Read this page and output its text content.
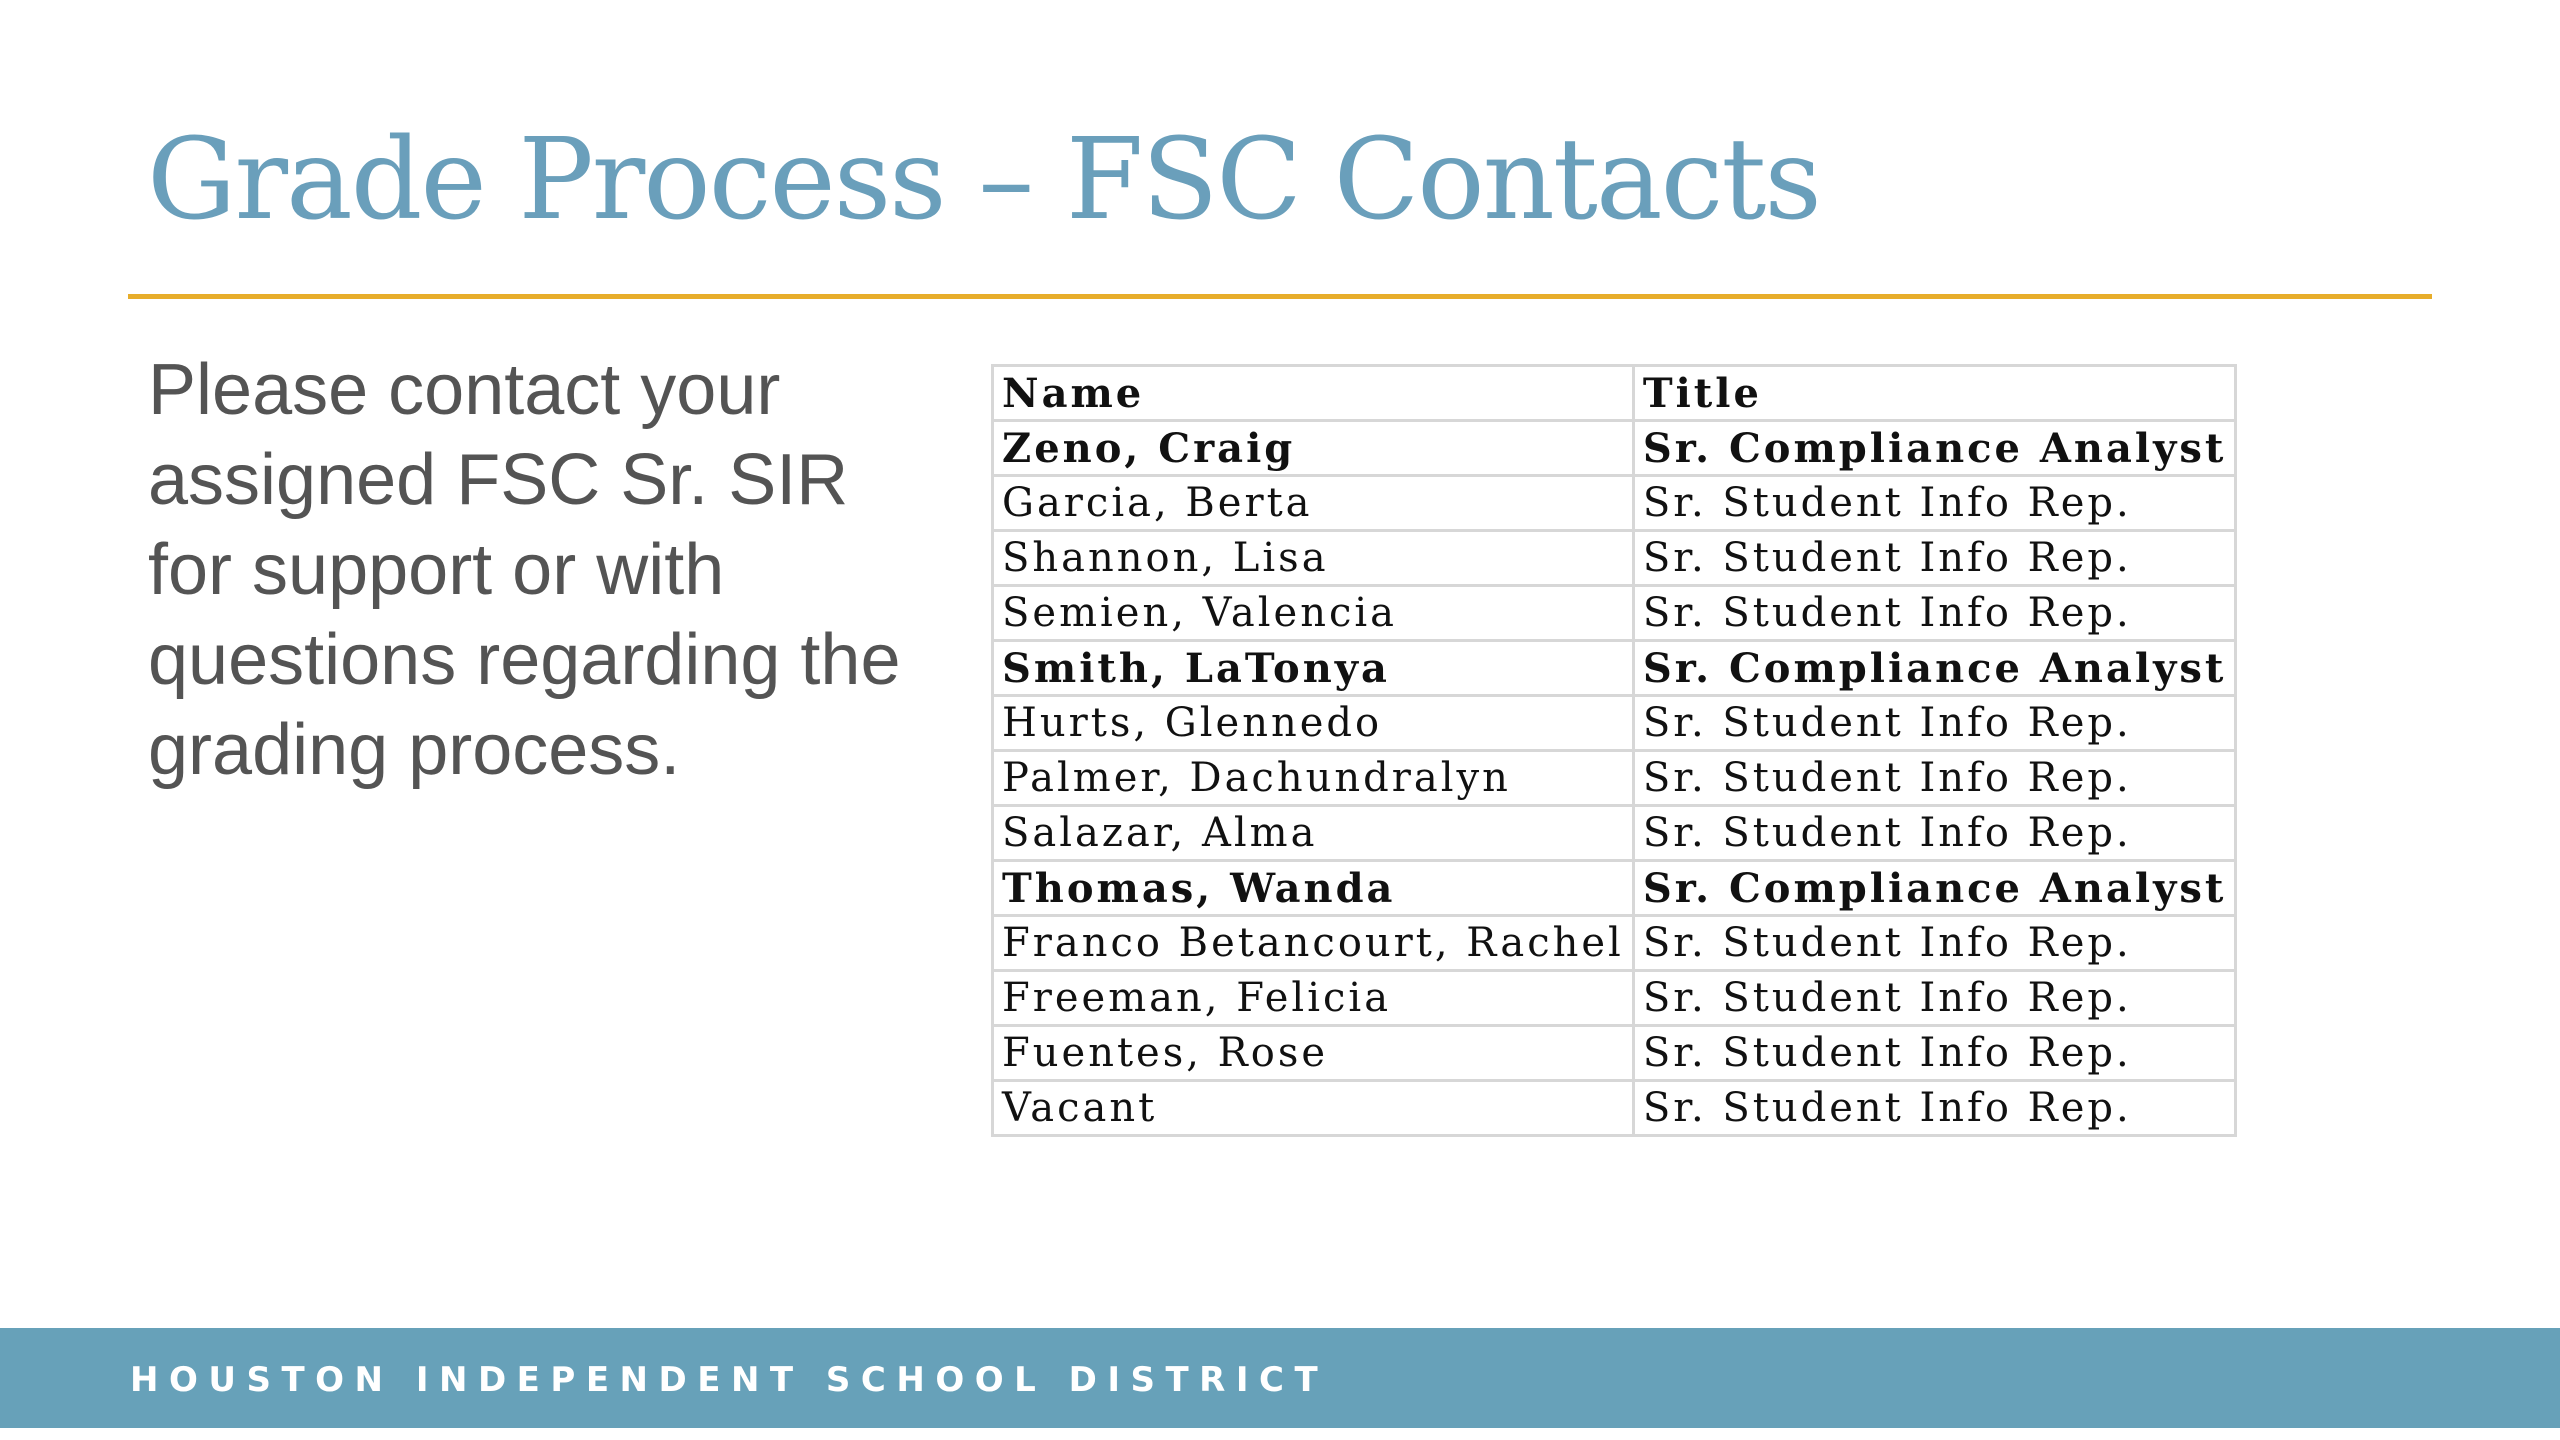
Grade Process – FSC Contacts

Please contact your assigned FSC Sr. SIR for support or with questions regarding the grading process.

Name	Title
Zeno, Craig	Sr. Compliance Analyst
Garcia, Berta	Sr. Student Info Rep.
Shannon, Lisa	Sr. Student Info Rep.
Semien, Valencia	Sr. Student Info Rep.
Smith, LaTonya	Sr. Compliance Analyst
Hurts, Glennedo	Sr. Student Info Rep.
Palmer, Dachundralyn	Sr. Student Info Rep.
Salazar, Alma	Sr. Student Info Rep.
Thomas, Wanda	Sr. Compliance Analyst
Franco Betancourt, Rachel	Sr. Student Info Rep.
Freeman, Felicia	Sr. Student Info Rep.
Fuentes, Rose	Sr. Student Info Rep.
Vacant	Sr. Student Info Rep.
HOUSTON INDEPENDENT SCHOOL DISTRICT
